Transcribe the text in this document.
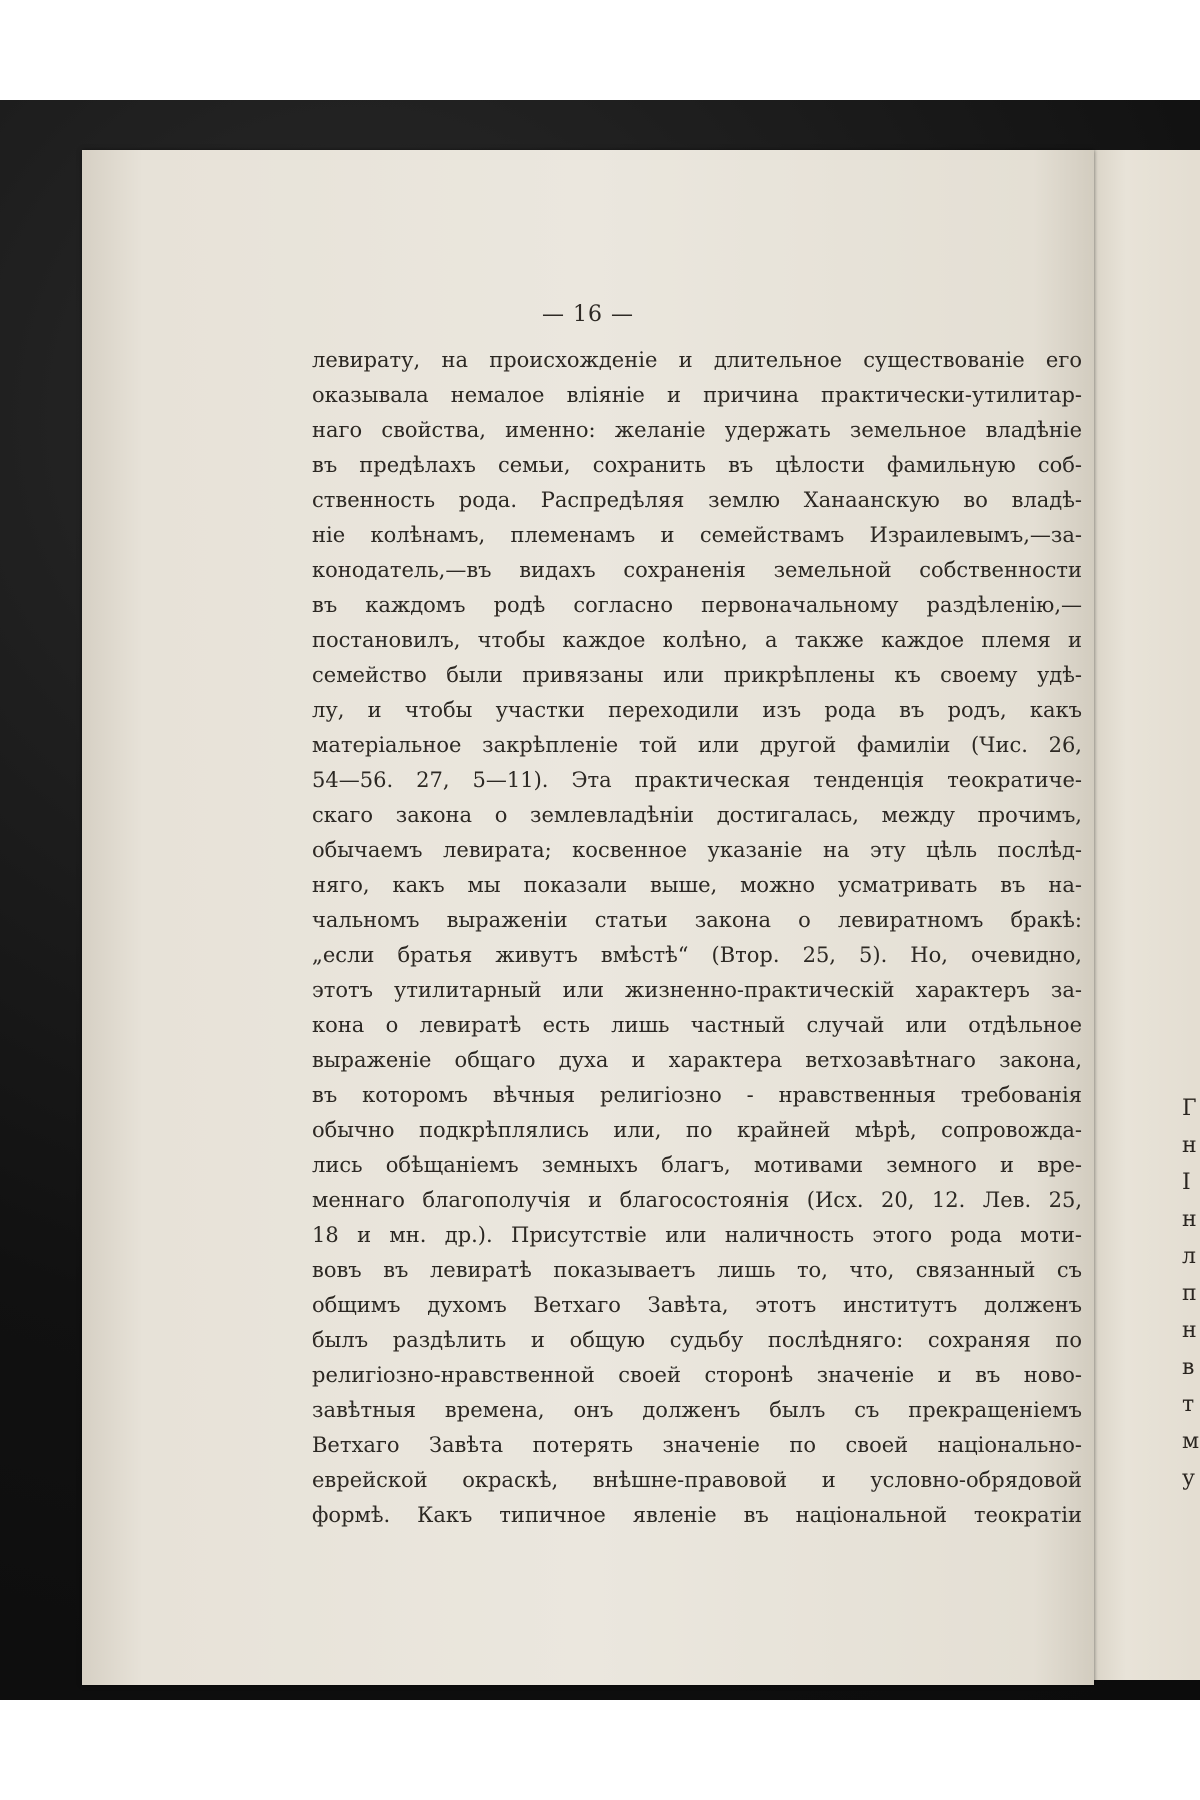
Г
н
І
н
л
п
н
в
т
м
у
— 16 —
левирату, на происхожденіе и длительное существованіе его
оказывала немалое вліяніе и причина практически-утилитар-
наго свойства, именно: желаніе удержать земельное владѣніе
въ предѣлахъ семьи, сохранить въ цѣлости фамильную соб-
ственность рода. Распредѣляя землю Ханаанскую во владѣ-
ніе колѣнамъ, племенамъ и семействамъ Израилевымъ,—за-
конодатель,—въ видахъ сохраненія земельной собственности
въ каждомъ родѣ согласно первоначальному раздѣленію,—
постановилъ, чтобы каждое колѣно, а также каждое племя и
семейство были привязаны или прикрѣплены къ своему удѣ-
лу, и чтобы участки переходили изъ рода въ родъ, какъ
матеріальное закрѣпленіе той или другой фамиліи (Чис. 26,
54—56. 27, 5—11). Эта практическая тенденція теократиче-
скаго закона о землевладѣніи достигалась, между прочимъ,
обычаемъ левирата; косвенное указаніе на эту цѣль послѣд-
няго, какъ мы показали выше, можно усматривать въ на-
чальномъ выраженіи статьи закона о левиратномъ бракѣ:
„если братья живутъ вмѣстѣ“ (Втор. 25, 5). Но, очевидно,
этотъ утилитарный или жизненно-практическій характеръ за-
кона о левиратѣ есть лишь частный случай или отдѣльное
выраженіе общаго духа и характера ветхозавѣтнаго закона,
въ которомъ вѣчныя религіозно - нравственныя требованія
обычно подкрѣплялись или, по крайней мѣрѣ, сопровождa-
лись обѣщаніемъ земныхъ благъ, мотивами земного и вре-
меннаго благополучія и благосостоянія (Исх. 20, 12. Лев. 25,
18 и мн. др.). Присутствіе или наличность этого рода моти-
вовъ въ левиратѣ показываетъ лишь то, что, связанный съ
общимъ духомъ Ветхаго Завѣта, этотъ институтъ долженъ
былъ раздѣлить и общую судьбу послѣдняго: сохраняя по
религіозно-нравственной своей сторонѣ значеніе и въ ново-
завѣтныя времена, онъ долженъ былъ съ прекращеніемъ
Ветхаго Завѣта потерять значеніе по своей національно-
еврейской окраскѣ, внѣшне-правовой и условно-обрядовой
формѣ. Какъ типичное явленіе въ національной теократіи
